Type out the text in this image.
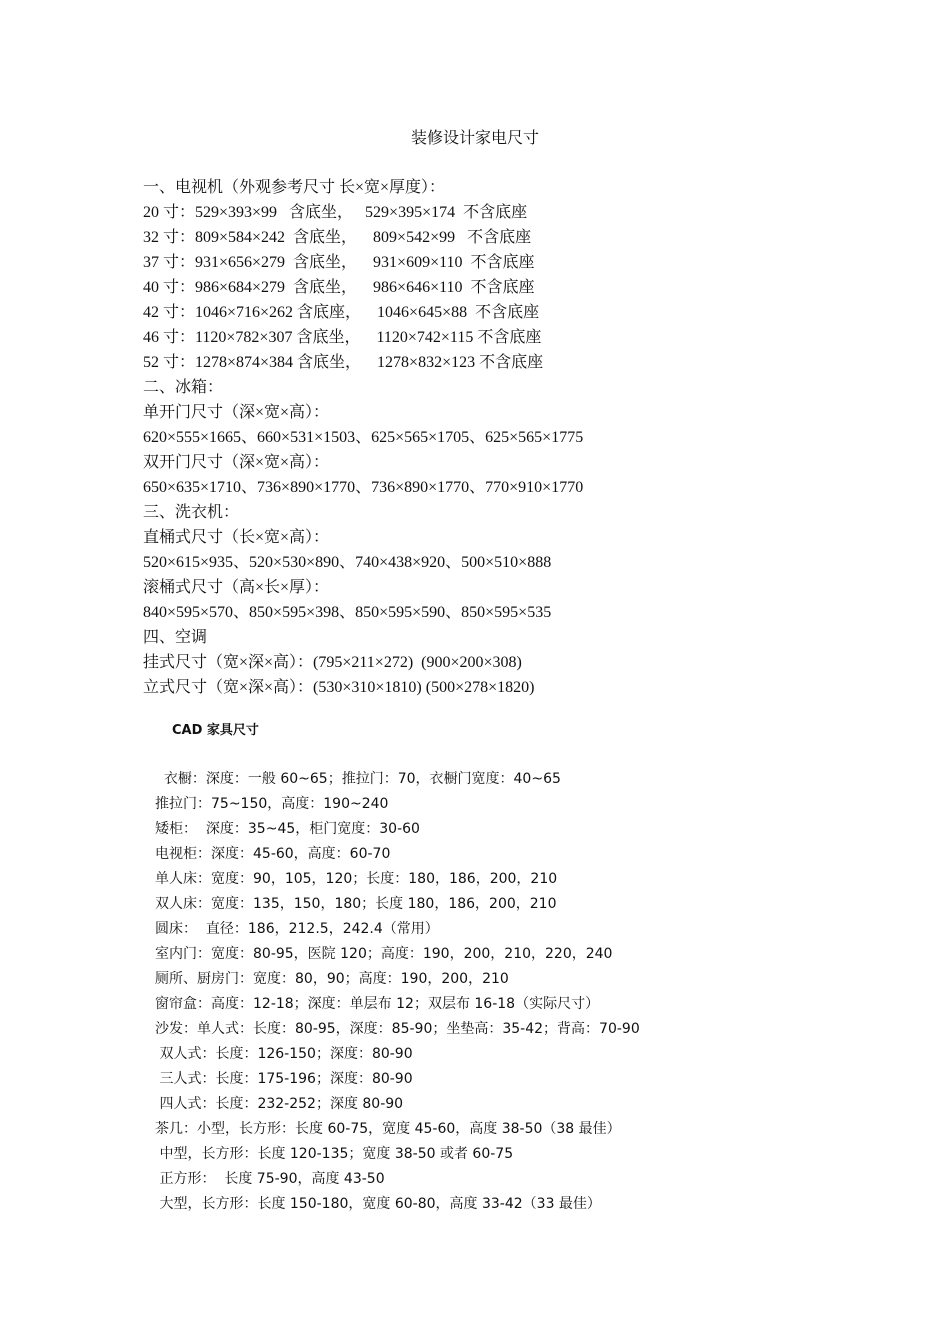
装修设计家电尺寸
一、电视机（外观参考尺寸 长×宽×厚度）：
20 寸：529×393×99   含底坐，   529×395×174  不含底座
32 寸：809×584×242  含底坐，    809×542×99   不含底座
37 寸：931×656×279  含底坐，    931×609×110  不含底座
40 寸：986×684×279  含底坐，    986×646×110  不含底座
42 寸：1046×716×262 含底座，    1046×645×88  不含底座
46 寸：1120×782×307 含底坐，    1120×742×115 不含底座
52 寸：1278×874×384 含底坐，    1278×832×123 不含底座
二、冰箱：
单开门尺寸（深×宽×高）：
620×555×1665、660×531×1503、625×565×1705、625×565×1775
双开门尺寸（深×宽×高）：
650×635×1710、736×890×1770、736×890×1770、770×910×1770
三、洗衣机：
直桶式尺寸（长×宽×高）：
520×615×935、520×530×890、740×438×920、500×510×888
滚桶式尺寸（高×长×厚）：
840×595×570、850×595×398、850×595×590、850×595×535
四、空调
挂式尺寸（宽×深×高）：(795×211×272)  (900×200×308)
立式尺寸（宽×深×高）：(530×310×1810) (500×278×1820)
CAD 家具尺寸
衣橱：深度：一般 60~65；推拉门：70，衣橱门宽度：40~65
推拉门：75~150，高度：190~240
矮柜：  深度：35~45，柜门宽度：30-60
电视柜：深度：45-60，高度：60-70
单人床：宽度：90，105，120；长度：180，186，200，210
双人床：宽度：135，150，180；长度 180，186，200，210
圆床：  直径：186，212.5，242.4（常用）
室内门：宽度：80-95，医院 120；高度：190，200，210，220，240
厕所、厨房门：宽度：80，90；高度：190，200，210
窗帘盒：高度：12-18；深度：单层布 12；双层布 16-18（实际尺寸）
沙发：单人式：长度：80-95，深度：85-90；坐垫高：35-42；背高：70-90
双人式：长度：126-150；深度：80-90
三人式：长度：175-196；深度：80-90
四人式：长度：232-252；深度 80-90
茶几：小型，长方形：长度 60-75，宽度 45-60，高度 38-50（38 最佳）
中型，长方形：长度 120-135；宽度 38-50 或者 60-75
正方形：  长度 75-90，高度 43-50
大型，长方形：长度 150-180，宽度 60-80，高度 33-42（33 最佳）
